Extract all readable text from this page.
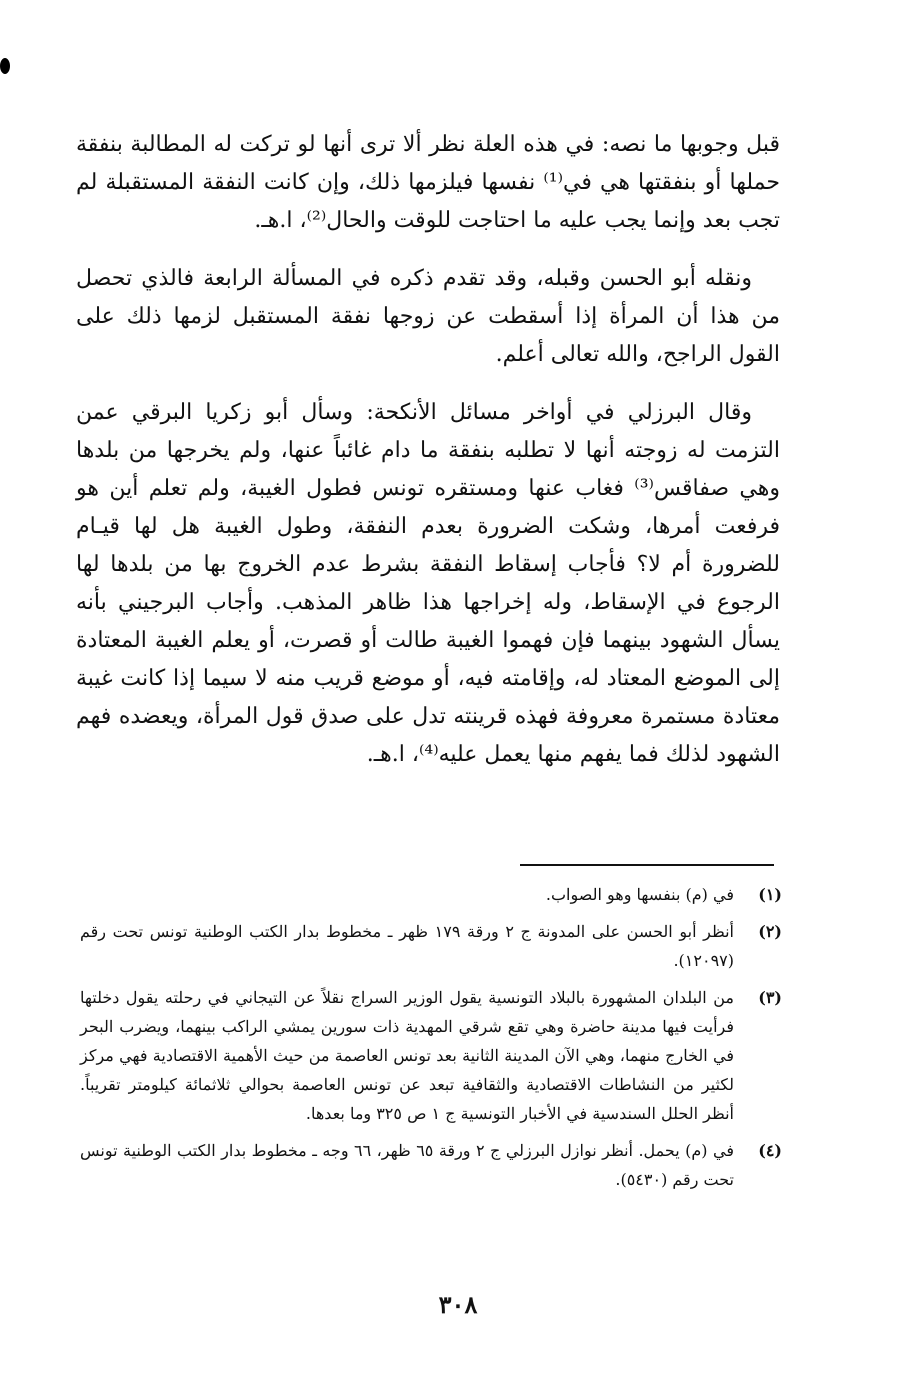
قبل وجوبها ما نصه: في هذه العلة نظر ألا ترى أنها لو تركت له المطالبة بنفقة حملها أو بنفقتها هي في⁽¹⁾ نفسها فيلزمها ذلك، وإن كانت النفقة المستقبلة لم تجب بعد وإنما يجب عليه ما احتاجت للوقت والحال⁽²⁾، ا.هـ.

ونقله أبو الحسن وقبله، وقد تقدم ذكره في المسألة الرابعة فالذي تحصل من هذا أن المرأة إذا أسقطت عن زوجها نفقة المستقبل لزمها ذلك على القول الراجح، والله تعالى أعلم.

وقال البرزلي في أواخر مسائل الأنكحة: وسأل أبو زكريا البرقي عمن التزمت له زوجته أنها لا تطلبه بنفقة ما دام غائباً عنها، ولم يخرجها من بلدها وهي صفاقس⁽³⁾ فغاب عنها ومستقره تونس فطول الغيبة، ولم تعلم أين هو فرفعت أمرها، وشكت الضرورة بعدم النفقة، وطول الغيبة هل لها قيـام للضرورة أم لا؟ فأجاب إسقاط النفقة بشرط عدم الخروج بها من بلدها لها الرجوع في الإسقاط، وله إخراجها هذا ظاهر المذهب. وأجاب البرجيني بأنه يسأل الشهود بينهما فإن فهموا الغيبة طالت أو قصرت، أو يعلم الغيبة المعتادة إلى الموضع المعتاد له، وإقامته فيه، أو موضع قريب منه لا سيما إذا كانت غيبة معتادة مستمرة معروفة فهذه قرينته تدل على صدق قول المرأة، ويعضده فهم الشهود لذلك فما يفهم منها يعمل عليه⁽⁴⁾، ا.هـ.

(١)
في (م) بنفسها وهو الصواب.
(٢)
أنظر أبو الحسن على المدونة ج ٢ ورقة ١٧٩ ظهر ـ مخطوط بدار الكتب الوطنية تونس تحت رقم (١٢٠٩٧).
(٣)
من البلدان المشهورة بالبلاد التونسية يقول الوزير السراج نقلاً عن التيجاني في رحلته يقول دخلتها فرأيت فيها مدينة حاضرة وهي تقع شرقي المهدية ذات سورين يمشي الراكب بينهما، ويضرب البحر في الخارج منهما، وهي الآن المدينة الثانية بعد تونس العاصمة من حيث الأهمية الاقتصادية فهي مركز لكثير من النشاطات الاقتصادية والثقافية تبعد عن تونس العاصمة بحوالي ثلاثمائة كيلومتر تقريباً. أنظر الحلل السندسية في الأخبار التونسية ج ١ ص ٣٢٥ وما بعدها.
(٤)
في (م) يحمل. أنظر نوازل البرزلي ج ٢ ورقة ٦٥ ظهر، ٦٦ وجه ـ مخطوط بدار الكتب الوطنية تونس تحت رقم (٥٤٣٠).
٣٠٨
